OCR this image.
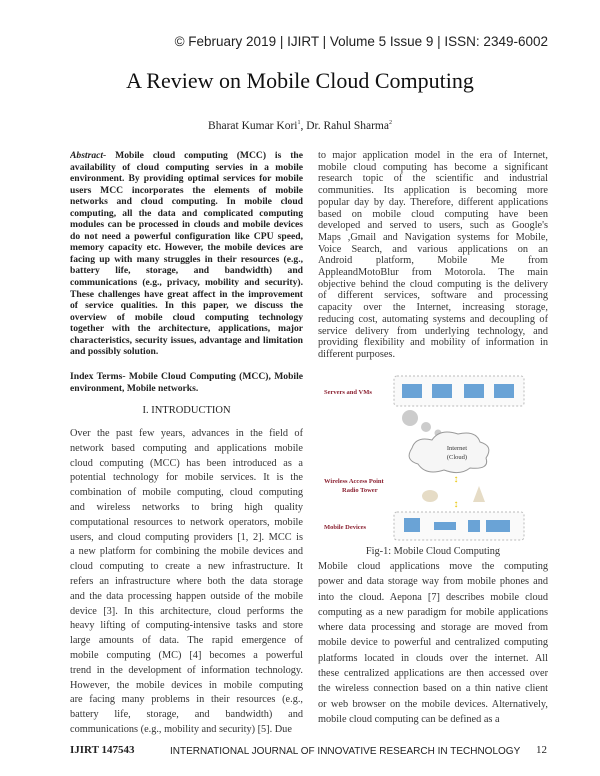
© February 2019 | IJIRT | Volume 5 Issue 9 | ISSN: 2349-6002
A Review on Mobile Cloud Computing
Bharat Kumar Kori$^1$, Dr. Rahul Sharma$^2$
Abstract- Mobile cloud computing (MCC) is the
availability of cloud computing servies in a mobile
environment. By providing optimal services for mobile
users MCC incorporates the elements of mobile
networks and cloud computing. In mobile cloud
computing, all the data and complicated computing
modules can be processed in clouds and mobile devices
do not need a powerful configuration like CPU speed,
memory capacity etc. However, the mobile devices are
facing up with many struggles in their resources (e.g.,
battery life, storage, and bandwidth) and
communications (e.g., privacy, mobility and security).
These challenges have great affect in the improvement
of service qualities. In this paper, we discuss the
overview of mobile cloud computing technology
together with the architecture, applications, major
characteristics, security issues, advantage and limitation
and possibly solution.
Index Terms- Mobile Cloud Computing (MCC), Mobile
environment, Mobile networks.
I. INTRODUCTION
Over the past few years, advances in the field of
network based computing and applications mobile
cloud computing (MCC) has been introduced as a
potential technology for mobile services. It is the
combination of mobile computing, cloud computing
and wireless networks to bring high quality
computational resources to network operators, mobile
users, and cloud computing providers [1, 2]. MCC is
a new platform for combining the mobile devices and
cloud computing to create a new infrastructure. It
refers an infrastructure where both the data storage
and the data processing happen outside of the mobile
device [3]. In this architecture, cloud performs the
heavy lifting of computing-intensive tasks and store
large amounts of data. The rapid emergence of
mobile computing (MC) [4] becomes a powerful
trend in the development of information technology.
However, the mobile devices in mobile computing
are facing many problems in their resources (e.g.,
battery life, storage, and bandwidth) and
communications (e.g., mobility and security) [5]. Due
to major application model in the era of Internet,
mobile cloud computing has become a significant
research topic of the scientific and industrial
communities. Its application is becoming more
popular day by day. Therefore, different applications
based on mobile cloud computing have been
developed and served to users, such as Google's
Maps ,Gmail and Navigation systems for Mobile,
Voice Search, and various applications on an
Android platform, Mobile Me from
AppleandMotoBlur from Motorola. The main
objective behind the cloud computing is the delivery
of different services, software and processing
capacity over the Internet, increasing storage,
reducing cost, automating systems and decoupling of
service delivery from underlying technology, and
providing flexibility and mobility of information in
different purposes.
Servers and VMs
Internet
(Cloud)
↕
↕
Wireless Access Point
Radio Tower
Mobile Devices
Fig-1: Mobile Cloud Computing
Mobile cloud applications move the computing
power and data storage way from mobile phones and
into the cloud. Aepona [7] describes mobile cloud
computing as a new paradigm for mobile applications
where data processing and storage are moved from
mobile device to powerful and centralized computing
platforms located in clouds over the internet. All
these centralized applications are then accessed over
the wireless connection based on a thin native client
or web browser on the mobile devices. Alternatively,
mobile cloud computing can be defined as a
IJIRT 147543	INTERNATIONAL JOURNAL OF INNOVATIVE RESEARCH IN TECHNOLOGY 12
